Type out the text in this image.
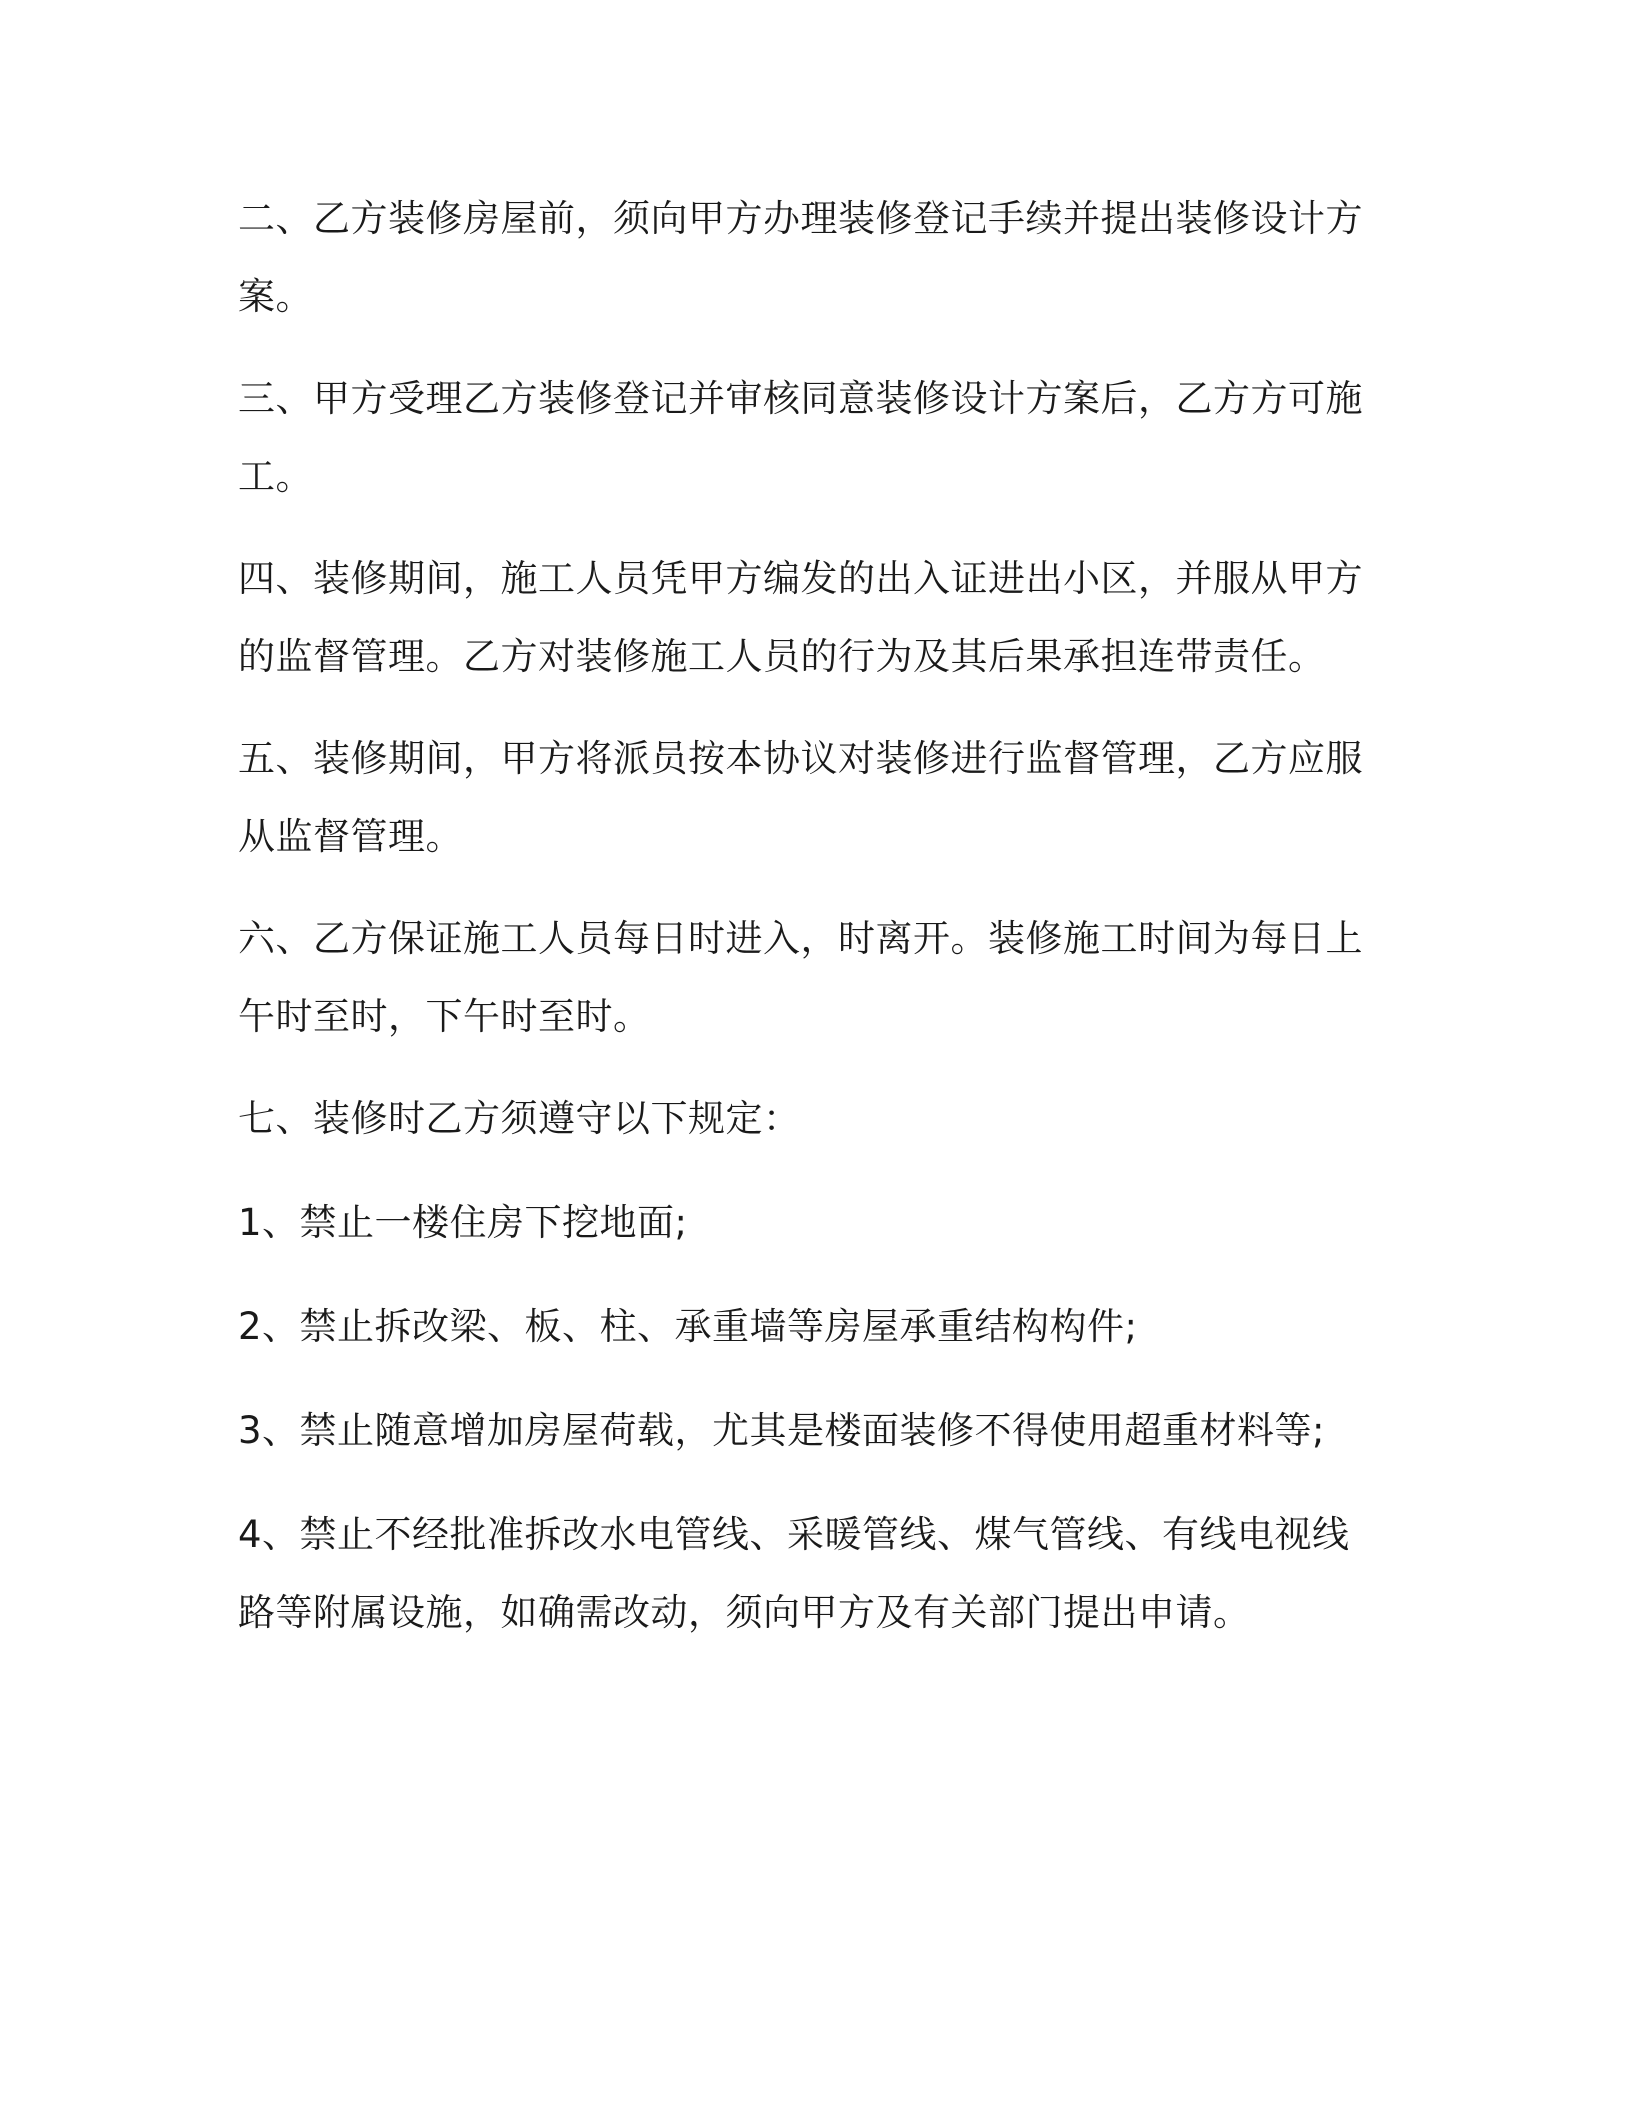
二、乙方装修房屋前，须向甲方办理装修登记手续并提出装修设计方案。

三、甲方受理乙方装修登记并审核同意装修设计方案后，乙方方可施工。

四、装修期间，施工人员凭甲方编发的出入证进出小区，并服从甲方的监督管理。乙方对装修施工人员的行为及其后果承担连带责任。

五、装修期间，甲方将派员按本协议对装修进行监督管理，乙方应服从监督管理。

六、乙方保证施工人员每日时进入，时离开。装修施工时间为每日上午时至时，下午时至时。

七、装修时乙方须遵守以下规定：

1、禁止一楼住房下挖地面;

2、禁止拆改梁、板、柱、承重墙等房屋承重结构构件;

3、禁止随意增加房屋荷载，尤其是楼面装修不得使用超重材料等;

4、禁止不经批准拆改水电管线、采暖管线、煤气管线、有线电视线路等附属设施，如确需改动，须向甲方及有关部门提出申请。
